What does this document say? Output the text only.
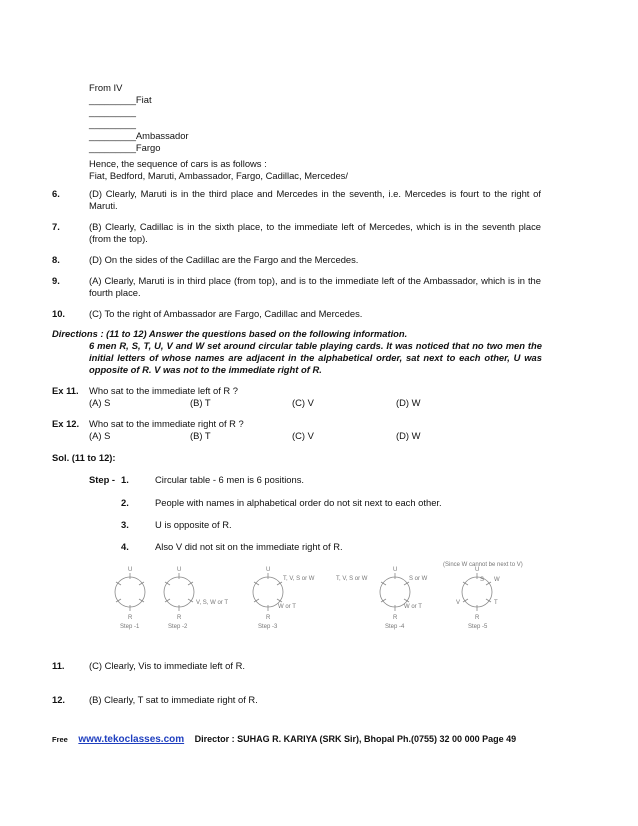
From IV
_________Fiat
_________
_________
_________Ambassador
_________Fargo
Hence, the sequence of cars is as follows :
Fiat, Bedford, Maruti, Ambassador, Fargo, Cadillac, Mercedes/
6.	(D) Clearly, Maruti is in the third place and Mercedes in the seventh, i.e. Mercedes is fourt to the right of Maruti.
7.	(B) Clearly, Cadillac is in the sixth place, to the immediate left of Mercedes, which is in the seventh place (from the top).
8.	(D) On the sides of the Cadillac are the Fargo and the Mercedes.
9.	(A) Clearly, Maruti is in third place (from top), and is to the immediate left of the Ambassador, which is in the fourth place.
10.	(C) To the right of Ambassador are Fargo, Cadillac and Mercedes.
Directions : (11 to 12) Answer the questions based on the following information.
6 men R, S, T, U, V and W set around circular table playing cards. It was noticed that no two men the initial letters of whose names are adjacent in the alphabetical order, sat next to each other, U was opposite of R. V was not to the immediate right of R.
Ex 11. Who sat to the immediate left of R ?
(A) S	(B) T	(C) V	(D) W
Ex 12. Who sat to the immediate right of R ?
(A) S	(B) T	(C) V	(D) W
Sol. (11 to 12):
Step - 1.	Circular table - 6 men is 6 positions.
2.	People with names in alphabetical order do not sit next to each other.
3.	U is opposite of R.
4.	Also V did not sit on the immediate right of R.
U
R
Step -1
U
R
V, S, W or T
Step -2
U
R
T, V, S or W
W or T
Step -3
U
R
T, V, S or W	S or W
W or T
Step -4
U
R
(Since W cannot be next to V)
S W
V	T
Step -5
11.	(C) Clearly, Vis to immediate left of R.
12.	(B) Clearly, T sat to immediate right of R.
Free www.tekoclasses.com Director : SUHAG R. KARIYA (SRK Sir), Bhopal Ph.(0755) 32 00 000 Page 49
